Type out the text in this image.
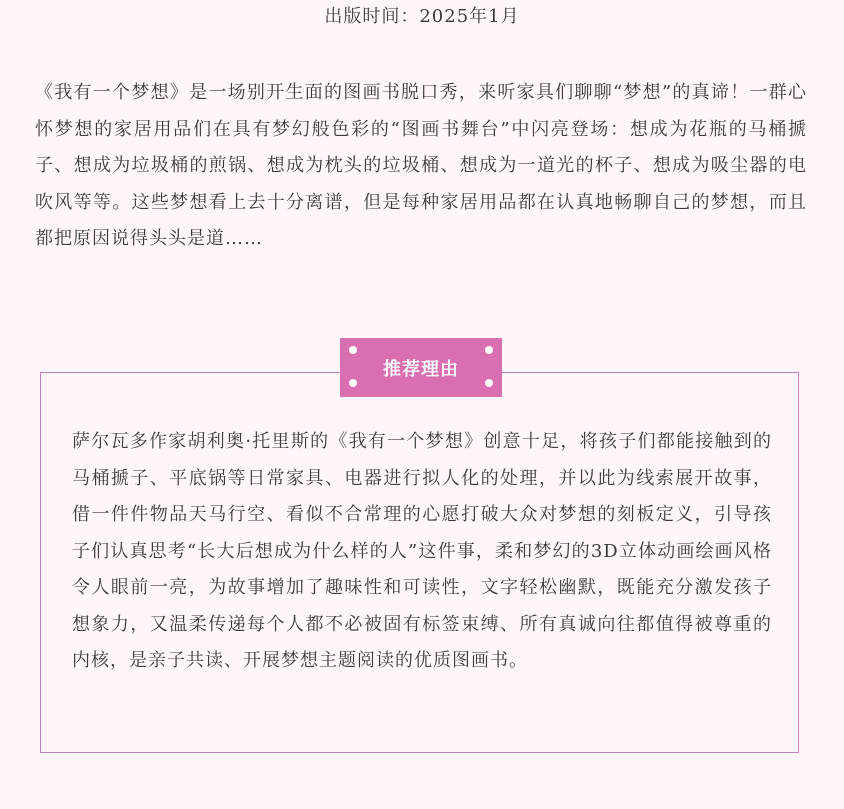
出版时间：2025年1月

《我有一个梦想》是一场别开生面的图画书脱口秀，来听家具们聊聊“梦想”的真谛！一群心怀梦想的家居用品们在具有梦幻般色彩的“图画书舞台”中闪亮登场：想成为花瓶的马桶搋子、想成为垃圾桶的煎锅、想成为枕头的垃圾桶、想成为一道光的杯子、想成为吸尘器的电吹风等等。这些梦想看上去十分离谱，但是每种家居用品都在认真地畅聊自己的梦想，而且都把原因说得头头是道……

推荐理由

萨尔瓦多作家胡利奥·托里斯的《我有一个梦想》创意十足，将孩子们都能接触到的马桶搋子、平底锅等日常家具、电器进行拟人化的处理，并以此为线索展开故事，借一件件物品天马行空、看似不合常理的心愿打破大众对梦想的刻板定义，引导孩子们认真思考“长大后想成为什么样的人”这件事，柔和梦幻的3D立体动画绘画风格令人眼前一亮，为故事增加了趣味性和可读性，文字轻松幽默，既能充分激发孩子想象力，又温柔传递每个人都不必被固有标签束缚、所有真诚向往都值得被尊重的内核，是亲子共读、开展梦想主题阅读的优质图画书。
